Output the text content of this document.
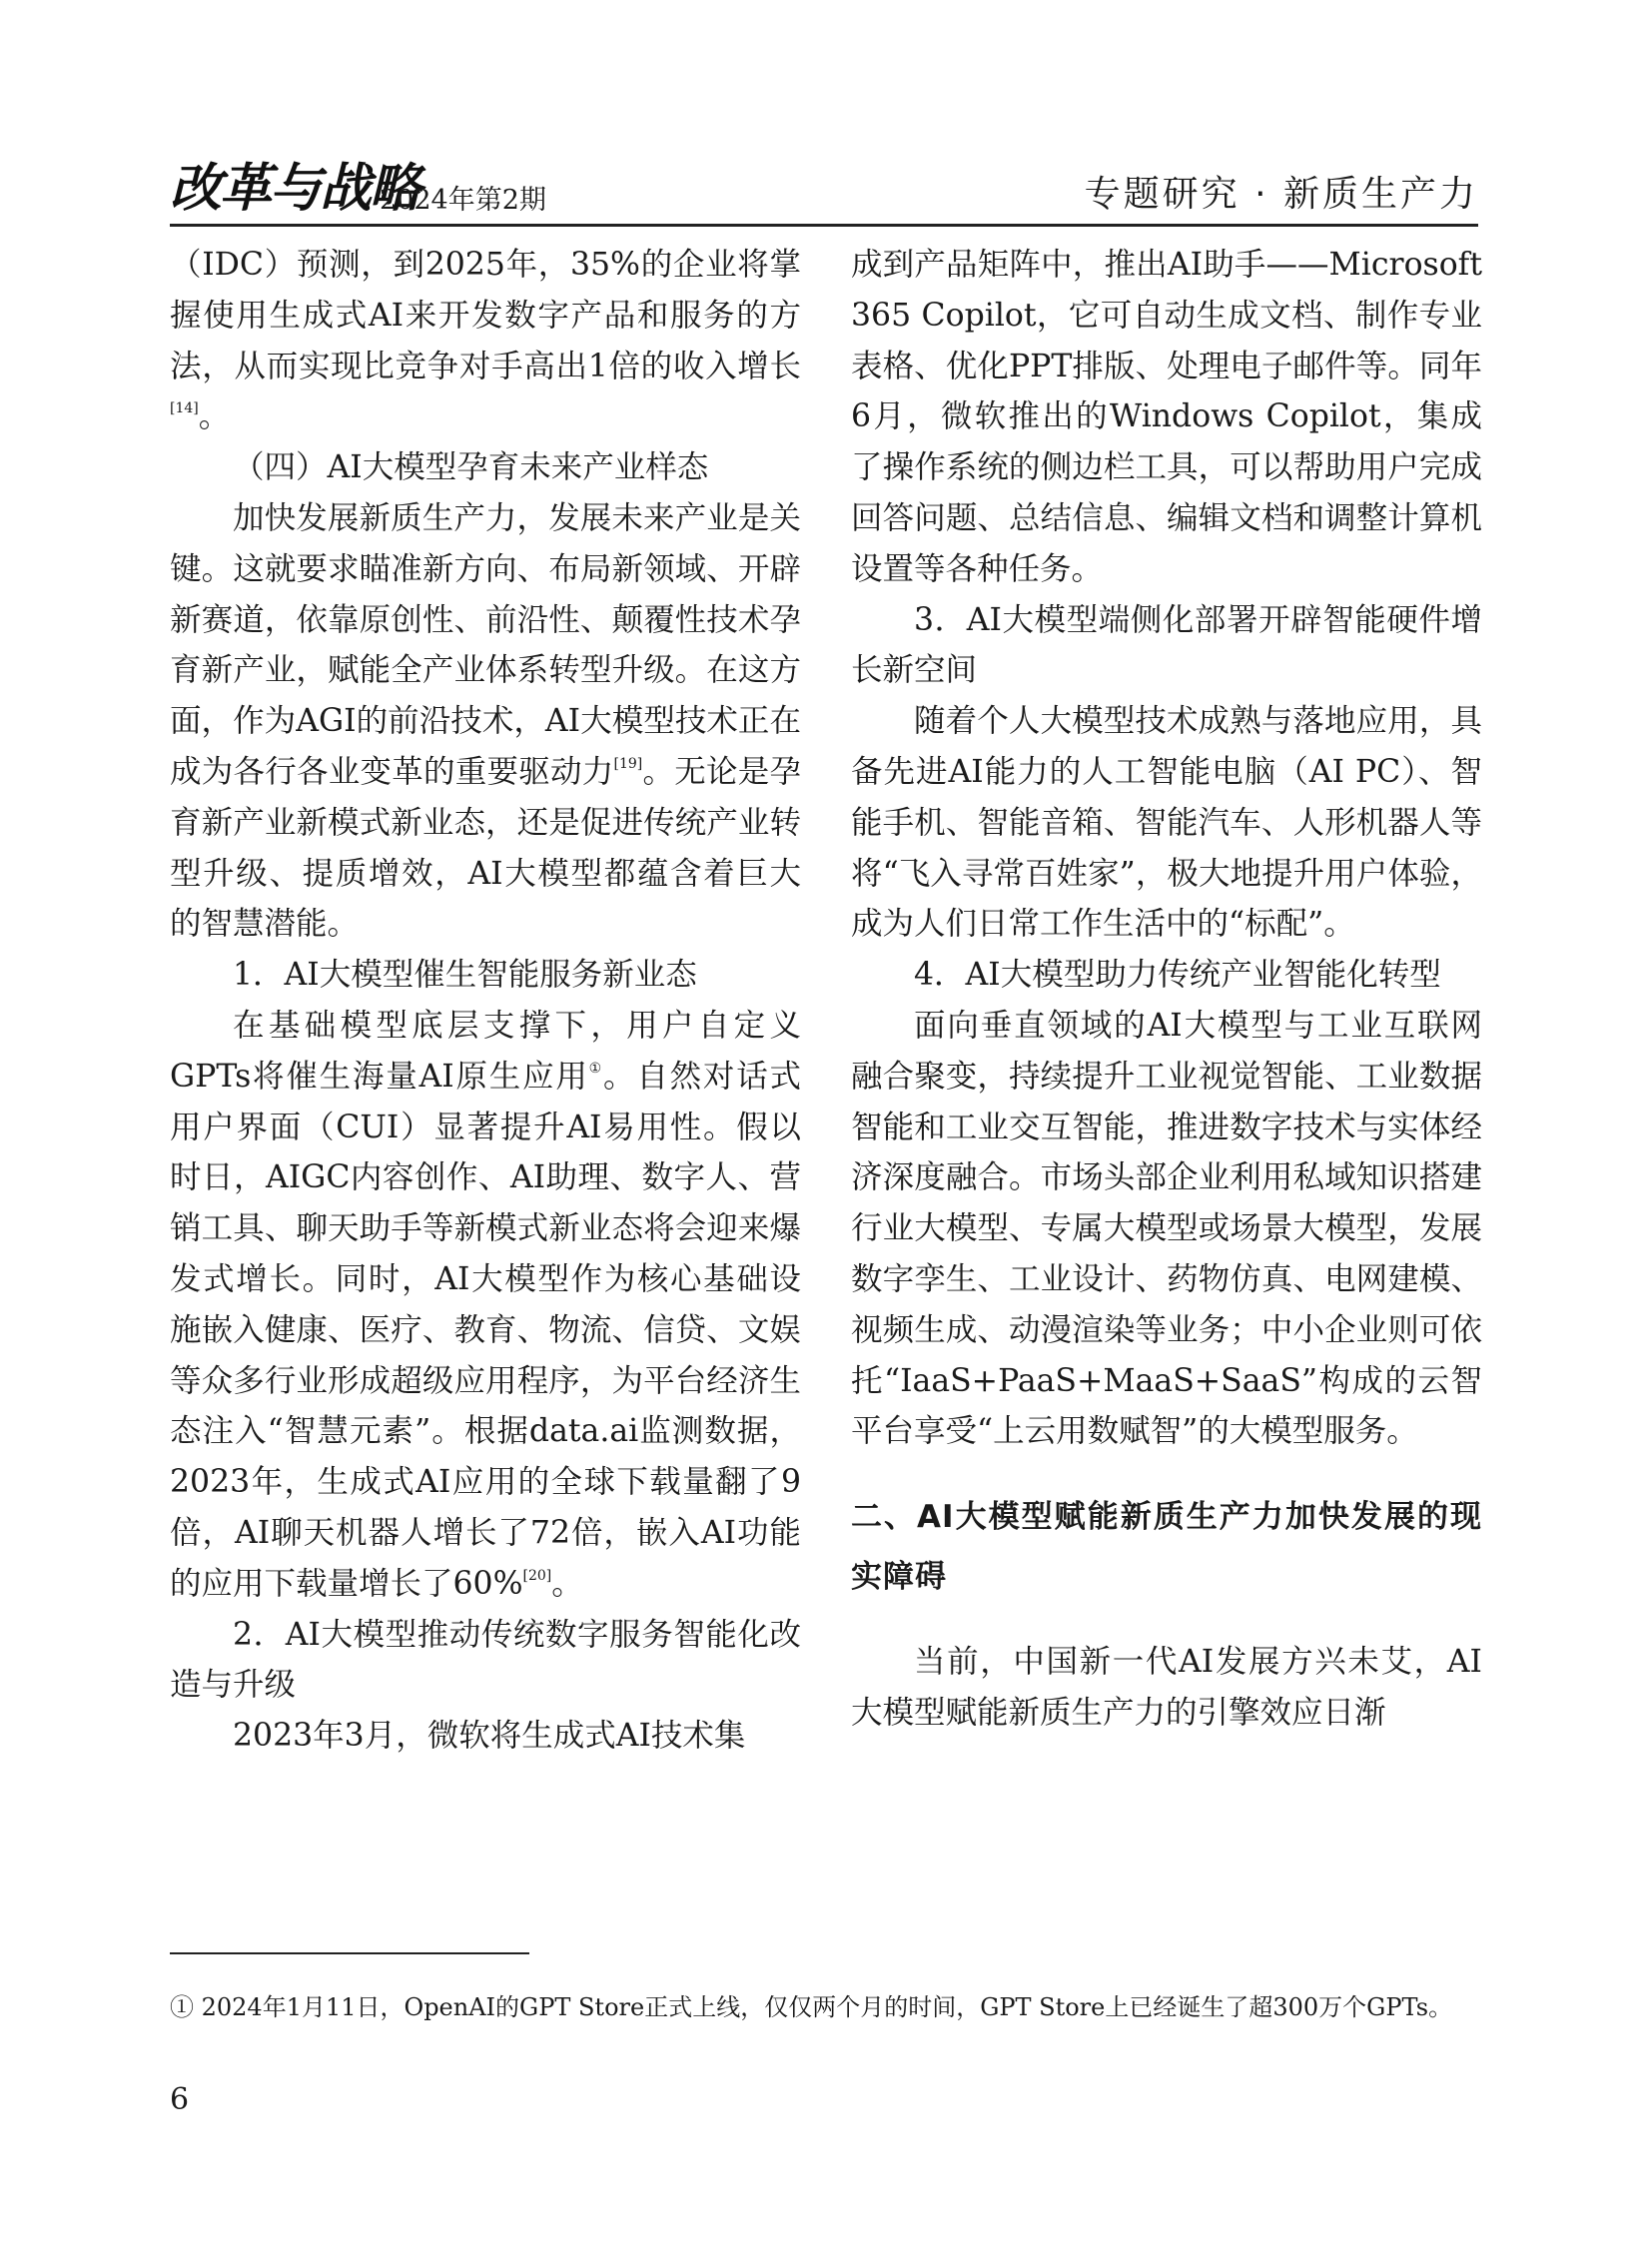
改革与战略
2024年第2期	专题研究 · 新质生产力

（IDC）预测，到2025年，35%的企业将掌握使用生成式AI来开发数字产品和服务的方法，从而实现比竞争对手高出1倍的收入增长[14]。

（四）AI大模型孕育未来产业样态

加快发展新质生产力，发展未来产业是关键。这就要求瞄准新方向、布局新领域、开辟新赛道，依靠原创性、前沿性、颠覆性技术孕育新产业，赋能全产业体系转型升级。在这方面，作为AGI的前沿技术，AI大模型技术正在成为各行各业变革的重要驱动力[19]。无论是孕育新产业新模式新业态，还是促进传统产业转型升级、提质增效，AI大模型都蕴含着巨大的智慧潜能。

1．AI大模型催生智能服务新业态

在基础模型底层支撑下，用户自定义GPTs将催生海量AI原生应用①。自然对话式用户界面（CUI）显著提升AI易用性。假以时日，AIGC内容创作、AI助理、数字人、营销工具、聊天助手等新模式新业态将会迎来爆发式增长。同时，AI大模型作为核心基础设施嵌入健康、医疗、教育、物流、信贷、文娱等众多行业形成超级应用程序，为平台经济生态注入“智慧元素”。根据data.ai监测数据，2023年，生成式AI应用的全球下载量翻了9倍，AI聊天机器人增长了72倍，嵌入AI功能的应用下载量增长了60%[20]。

2．AI大模型推动传统数字服务智能化改造与升级

2023年3月，微软将生成式AI技术集

成到产品矩阵中，推出AI助手——Microsoft 365 Copilot，它可自动生成文档、制作专业表格、优化PPT排版、处理电子邮件等。同年6月，微软推出的Windows Copilot，集成了操作系统的侧边栏工具，可以帮助用户完成回答问题、总结信息、编辑文档和调整计算机设置等各种任务。

3．AI大模型端侧化部署开辟智能硬件增长新空间

随着个人大模型技术成熟与落地应用，具备先进AI能力的人工智能电脑（AI PC）、智能手机、智能音箱、智能汽车、人形机器人等将“飞入寻常百姓家”，极大地提升用户体验，成为人们日常工作生活中的“标配”。

4．AI大模型助力传统产业智能化转型

面向垂直领域的AI大模型与工业互联网融合聚变，持续提升工业视觉智能、工业数据智能和工业交互智能，推进数字技术与实体经济深度融合。市场头部企业利用私域知识搭建行业大模型、专属大模型或场景大模型，发展数字孪生、工业设计、药物仿真、电网建模、视频生成、动漫渲染等业务；中小企业则可依托“IaaS+PaaS+MaaS+SaaS”构成的云智平台享受“上云用数赋智”的大模型服务。

二、AI大模型赋能新质生产力加快发展的现实障碍

当前，中国新一代AI发展方兴未艾，AI大模型赋能新质生产力的引擎效应日渐

① 2024年1月11日，OpenAI的GPT Store正式上线，仅仅两个月的时间，GPT Store上已经诞生了超300万个GPTs。
6
